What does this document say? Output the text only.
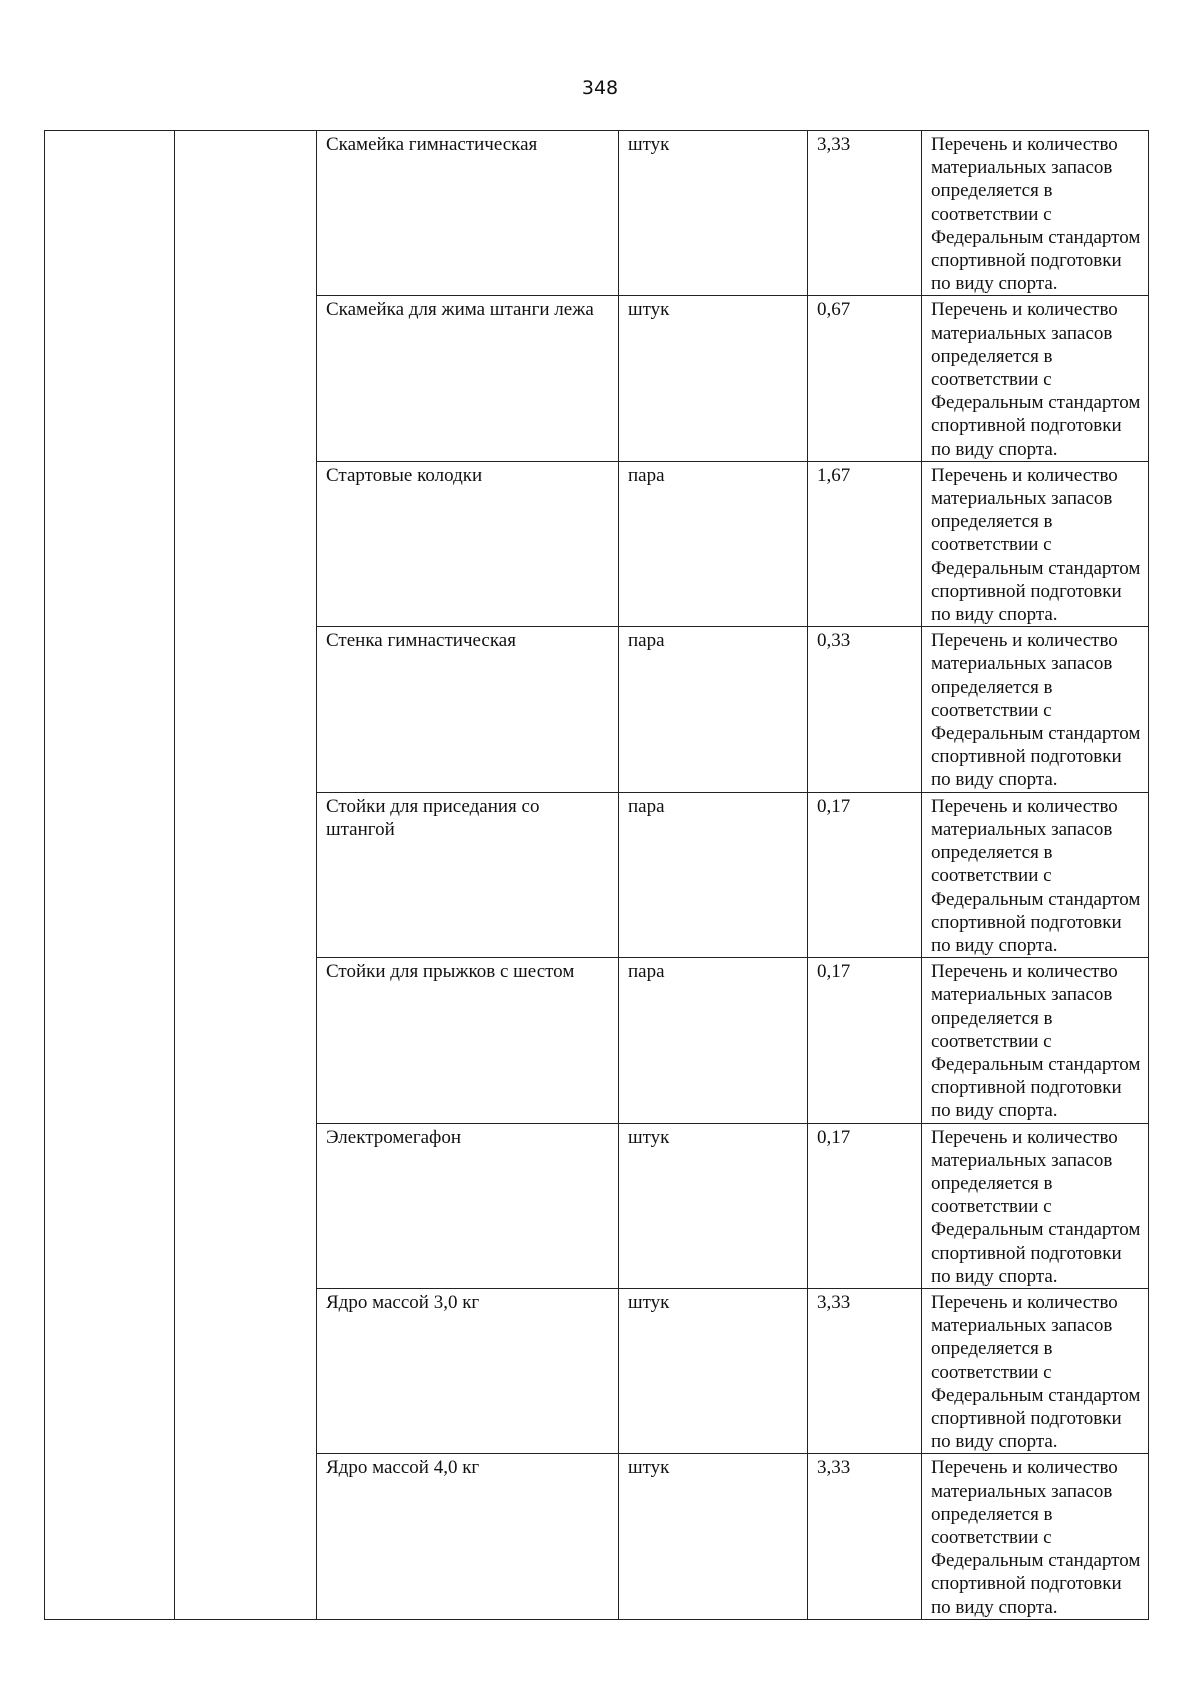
348
		Скамейка гимнастическая	штук	3,33	Перечень и количество материальных запасов определяется в соответствии с Федеральным стандартом спортивной подготовки по виду спорта.
		Скамейка для жима штанги лежа	штук	0,67	Перечень и количество материальных запасов определяется в соответствии с Федеральным стандартом спортивной подготовки по виду спорта.
		Стартовые колодки	пара	1,67	Перечень и количество материальных запасов определяется в соответствии с Федеральным стандартом спортивной подготовки по виду спорта.
		Стенка гимнастическая	пара	0,33	Перечень и количество материальных запасов определяется в соответствии с Федеральным стандартом спортивной подготовки по виду спорта.
		Стойки для приседания со штангой	пара	0,17	Перечень и количество материальных запасов определяется в соответствии с Федеральным стандартом спортивной подготовки по виду спорта.
		Стойки для прыжков с шестом	пара	0,17	Перечень и количество материальных запасов определяется в соответствии с Федеральным стандартом спортивной подготовки по виду спорта.
		Электромегафон	штук	0,17	Перечень и количество материальных запасов определяется в соответствии с Федеральным стандартом спортивной подготовки по виду спорта.
		Ядро массой 3,0 кг	штук	3,33	Перечень и количество материальных запасов определяется в соответствии с Федеральным стандартом спортивной подготовки по виду спорта.
		Ядро массой 4,0 кг	штук	3,33	Перечень и количество материальных запасов определяется в соответствии с Федеральным стандартом спортивной подготовки по виду спорта.
